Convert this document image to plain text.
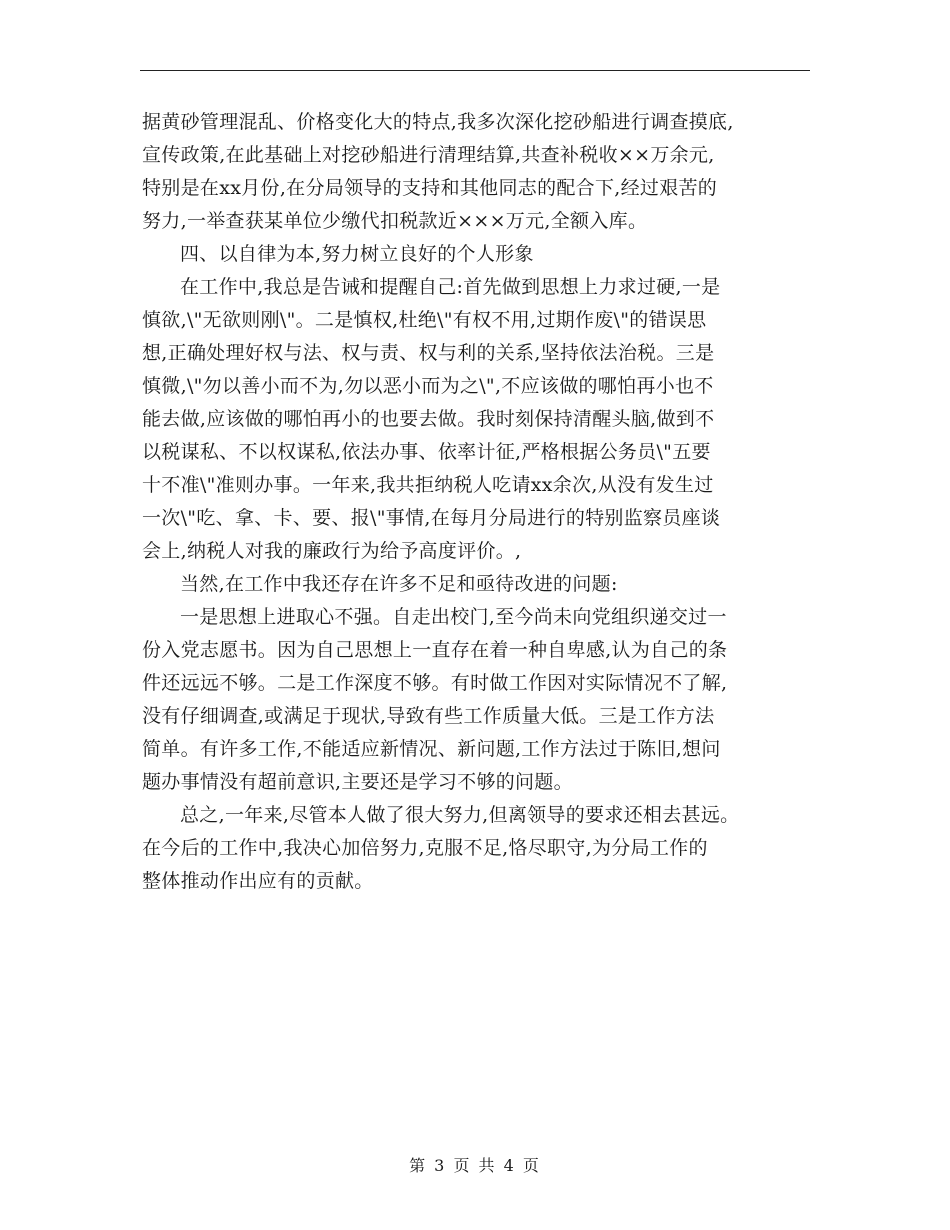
据黄砂管理混乱、价格变化大的特点,我多次深化挖砂船进行调查摸底,
宣传政策,在此基础上对挖砂船进行清理结算,共查补税收××万余元,
特别是在xx月份,在分局领导的支持和其他同志的配合下,经过艰苦的
努力,一举查获某单位少缴代扣税款近×××万元,全额入库。
四、以自律为本,努力树立良好的个人形象
在工作中,我总是告诫和提醒自己:首先做到思想上力求过硬,一是
慎欲,\"无欲则刚\"。二是慎权,杜绝\"有权不用,过期作废\"的错误思
想,正确处理好权与法、权与责、权与利的关系,坚持依法治税。三是
慎微,\"勿以善小而不为,勿以恶小而为之\",不应该做的哪怕再小也不
能去做,应该做的哪怕再小的也要去做。我时刻保持清醒头脑,做到不
以税谋私、不以权谋私,依法办事、依率计征,严格根据公务员\"五要
十不准\"准则办事。一年来,我共拒纳税人吃请xx余次,从没有发生过
一次\"吃、拿、卡、要、报\"事情,在每月分局进行的特别监察员座谈
会上,纳税人对我的廉政行为给予高度评价。,
当然,在工作中我还存在许多不足和亟待改进的问题:
一是思想上进取心不强。自走出校门,至今尚未向党组织递交过一
份入党志愿书。因为自己思想上一直存在着一种自卑感,认为自己的条
件还远远不够。二是工作深度不够。有时做工作因对实际情况不了解,
没有仔细调查,或满足于现状,导致有些工作质量大低。三是工作方法
简单。有许多工作,不能适应新情况、新问题,工作方法过于陈旧,想问
题办事情没有超前意识,主要还是学习不够的问题。
总之,一年来,尽管本人做了很大努力,但离领导的要求还相去甚远。
在今后的工作中,我决心加倍努力,克服不足,恪尽职守,为分局工作的
整体推动作出应有的贡献。
第 3 页 共 4 页
